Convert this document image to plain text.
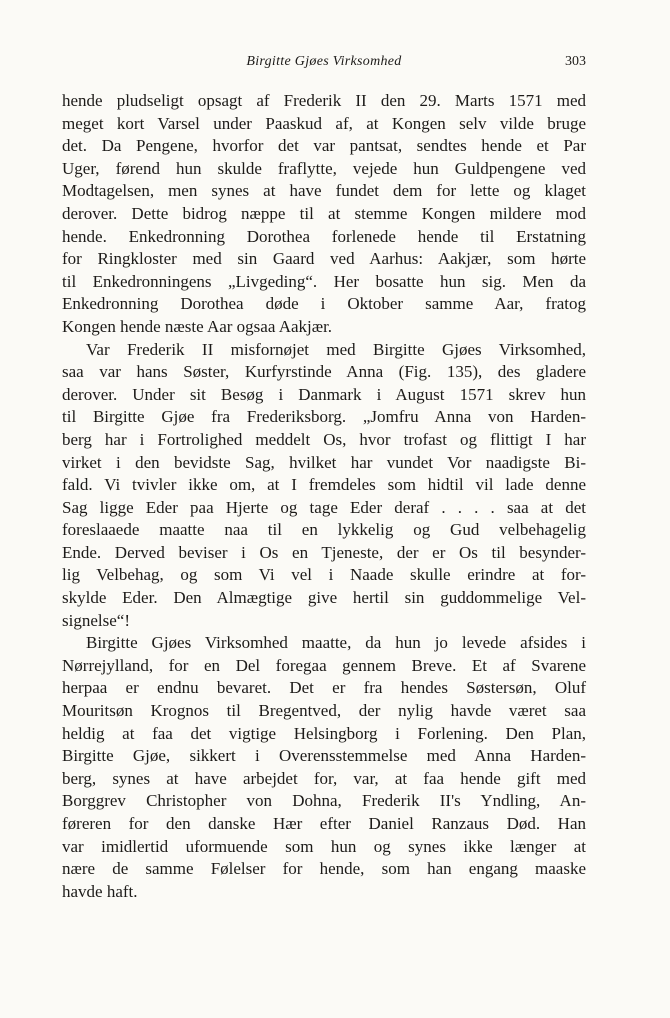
Birgitte Gjøes Virksomhed	303
hende pludseligt opsagt af Frederik II den 29. Marts 1571 med
meget kort Varsel under Paaskud af, at Kongen selv vilde bruge
det. Da Pengene, hvorfor det var pantsat, sendtes hende et Par
Uger, førend hun skulde fraflytte, vejede hun Guldpengene ved
Modtagelsen, men synes at have fundet dem for lette og klaget
derover. Dette bidrog næppe til at stemme Kongen mildere mod
hende. Enkedronning Dorothea forlenede hende til Erstatning
for Ringkloster med sin Gaard ved Aarhus: Aakjær, som hørte
til Enkedronningens „Livgeding“. Her bosatte hun sig. Men da
Enkedronning Dorothea døde i Oktober samme Aar, fratog
Kongen hende næste Aar ogsaa Aakjær.
Var Frederik II misfornøjet med Birgitte Gjøes Virksomhed,
saa var hans Søster, Kurfyrstinde Anna (Fig. 135), des gladere
derover. Under sit Besøg i Danmark i August 1571 skrev hun
til Birgitte Gjøe fra Frederiksborg. „Jomfru Anna von Harden-
berg har i Fortrolighed meddelt Os, hvor trofast og flittigt I har
virket i den bevidste Sag, hvilket har vundet Vor naadigste Bi-
fald. Vi tvivler ikke om, at I fremdeles som hidtil vil lade denne
Sag ligge Eder paa Hjerte og tage Eder deraf . . . . saa at det
foreslaaede maatte naa til en lykkelig og Gud velbehagelig
Ende. Derved beviser i Os en Tjeneste, der er Os til besynder-
lig Velbehag, og som Vi vel i Naade skulle erindre at for-
skylde Eder. Den Almægtige give hertil sin guddommelige Vel-
signelse“!
Birgitte Gjøes Virksomhed maatte, da hun jo levede afsides i
Nørrejylland, for en Del foregaa gennem Breve. Et af Svarene
herpaa er endnu bevaret. Det er fra hendes Søstersøn, Oluf
Mouritsøn Krognos til Bregentved, der nylig havde været saa
heldig at faa det vigtige Helsingborg i Forlening. Den Plan,
Birgitte Gjøe, sikkert i Overensstemmelse med Anna Harden-
berg, synes at have arbejdet for, var, at faa hende gift med
Borggrev Christopher von Dohna, Frederik II's Yndling, An-
føreren for den danske Hær efter Daniel Ranzaus Død. Han
var imidlertid uformuende som hun og synes ikke længer at
nære de samme Følelser for hende, som han engang maaske
havde haft.
